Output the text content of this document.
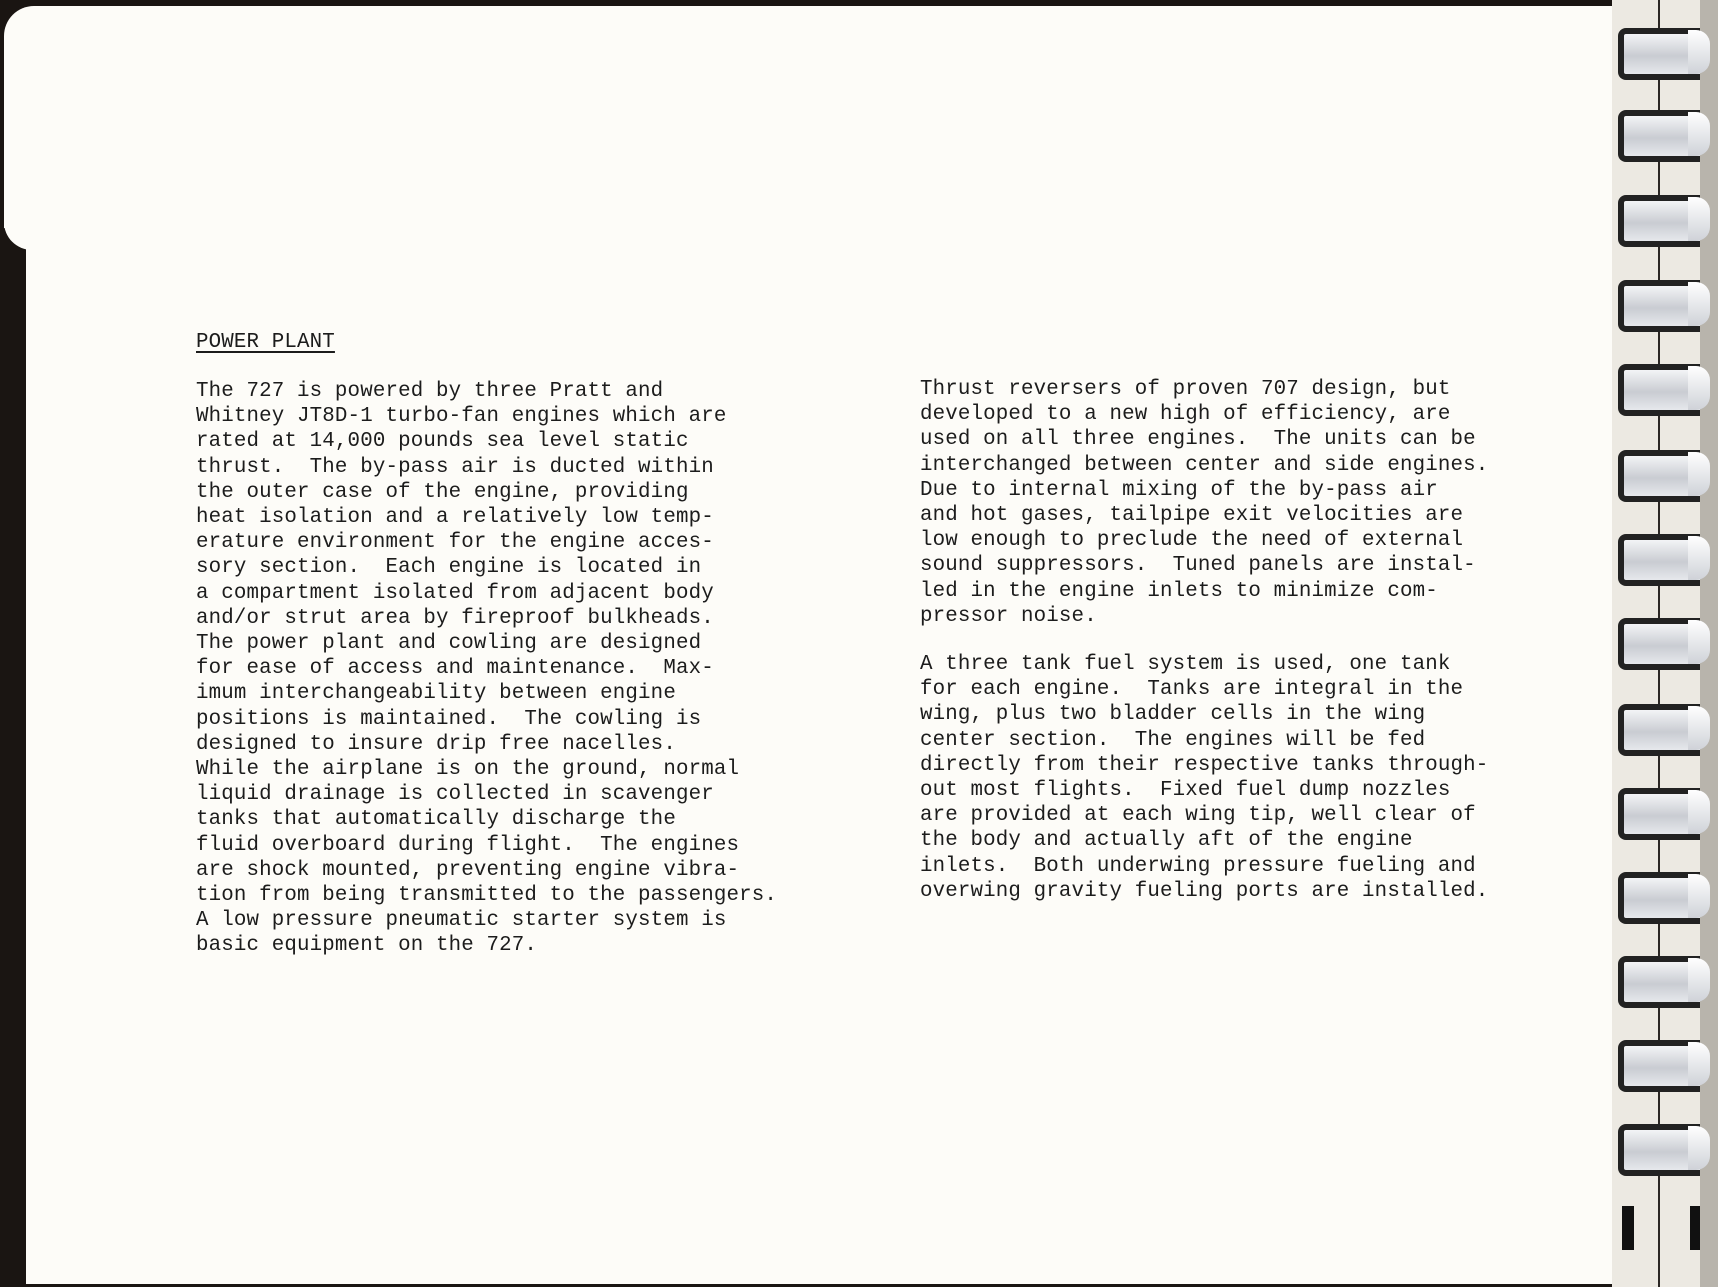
POWER PLANT

The 727 is powered by three Pratt and
Whitney JT8D-1 turbo-fan engines which are
rated at 14,000 pounds sea level static
thrust.  The by-pass air is ducted within
the outer case of the engine, providing
heat isolation and a relatively low temp-
erature environment for the engine acces-
sory section.  Each engine is located in
a compartment isolated from adjacent body
and/or strut area by fireproof bulkheads.
The power plant and cowling are designed
for ease of access and maintenance.  Max-
imum interchangeability between engine
positions is maintained.  The cowling is
designed to insure drip free nacelles.
While the airplane is on the ground, normal
liquid drainage is collected in scavenger
tanks that automatically discharge the
fluid overboard during flight.  The engines
are shock mounted, preventing engine vibra-
tion from being transmitted to the passengers.
A low pressure pneumatic starter system is
basic equipment on the 727.

Thrust reversers of proven 707 design, but
developed to a new high of efficiency, are
used on all three engines.  The units can be
interchanged between center and side engines.
Due to internal mixing of the by-pass air
and hot gases, tailpipe exit velocities are
low enough to preclude the need of external
sound suppressors.  Tuned panels are instal-
led in the engine inlets to minimize com-
pressor noise.

A three tank fuel system is used, one tank
for each engine.  Tanks are integral in the
wing, plus two bladder cells in the wing
center section.  The engines will be fed
directly from their respective tanks through-
out most flights.  Fixed fuel dump nozzles
are provided at each wing tip, well clear of
the body and actually aft of the engine
inlets.  Both underwing pressure fueling and
overwing gravity fueling ports are installed.
